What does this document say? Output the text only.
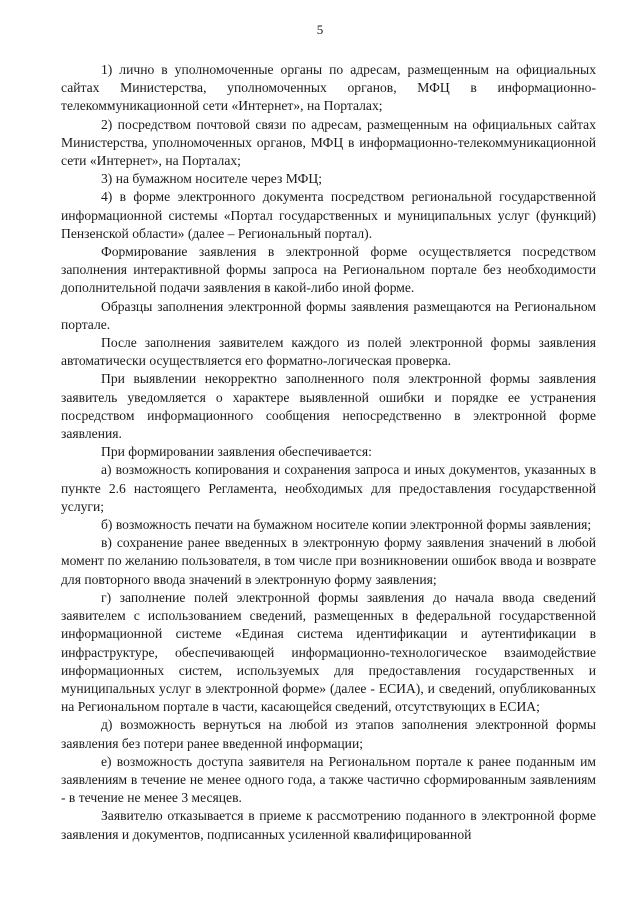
5

1) лично в уполномоченные органы по адресам, размещенным на официальных сайтах Министерства, уполномоченных органов, МФЦ в информационно-телекоммуникационной сети «Интернет», на Порталах;

2) посредством почтовой связи по адресам, размещенным на официальных сайтах Министерства, уполномоченных органов, МФЦ в информационно-телекоммуникационной сети «Интернет», на Порталах;

3) на бумажном носителе через МФЦ;

4) в форме электронного документа посредством региональной государственной информационной системы «Портал государственных и муниципальных услуг (функций) Пензенской области» (далее – Региональный портал).

Формирование заявления в электронной форме осуществляется посредством заполнения интерактивной формы запроса на Региональном портале без необходимости дополнительной подачи заявления в какой-либо иной форме.

Образцы заполнения электронной формы заявления размещаются на Региональном портале.

После заполнения заявителем каждого из полей электронной формы заявления автоматически осуществляется его форматно-логическая проверка.

При выявлении некорректно заполненного поля электронной формы заявления заявитель уведомляется о характере выявленной ошибки и порядке ее устранения посредством информационного сообщения непосредственно в электронной форме заявления.

При формировании заявления обеспечивается:

а) возможность копирования и сохранения запроса и иных документов, указанных в пункте 2.6 настоящего Регламента, необходимых для предоставления государственной услуги;

б) возможность печати на бумажном носителе копии электронной формы заявления;

в) сохранение ранее введенных в электронную форму заявления значений в любой момент по желанию пользователя, в том числе при возникновении ошибок ввода и возврате для повторного ввода значений в электронную форму заявления;

г) заполнение полей электронной формы заявления до начала ввода сведений заявителем с использованием сведений, размещенных в федеральной государственной информационной системе «Единая система идентификации и аутентификации в инфраструктуре, обеспечивающей информационно-технологическое взаимодействие информационных систем, используемых для предоставления государственных и муниципальных услуг в электронной форме» (далее - ЕСИА), и сведений, опубликованных на Региональном портале в части, касающейся сведений, отсутствующих в ЕСИА;

д) возможность вернуться на любой из этапов заполнения электронной формы заявления без потери ранее введенной информации;

е) возможность доступа заявителя на Региональном портале к ранее поданным им заявлениям в течение не менее одного года, а также частично сформированным заявлениям - в течение не менее 3 месяцев.

Заявителю отказывается в приеме к рассмотрению поданного в электронной форме заявления и документов, подписанных усиленной квалифицированной
